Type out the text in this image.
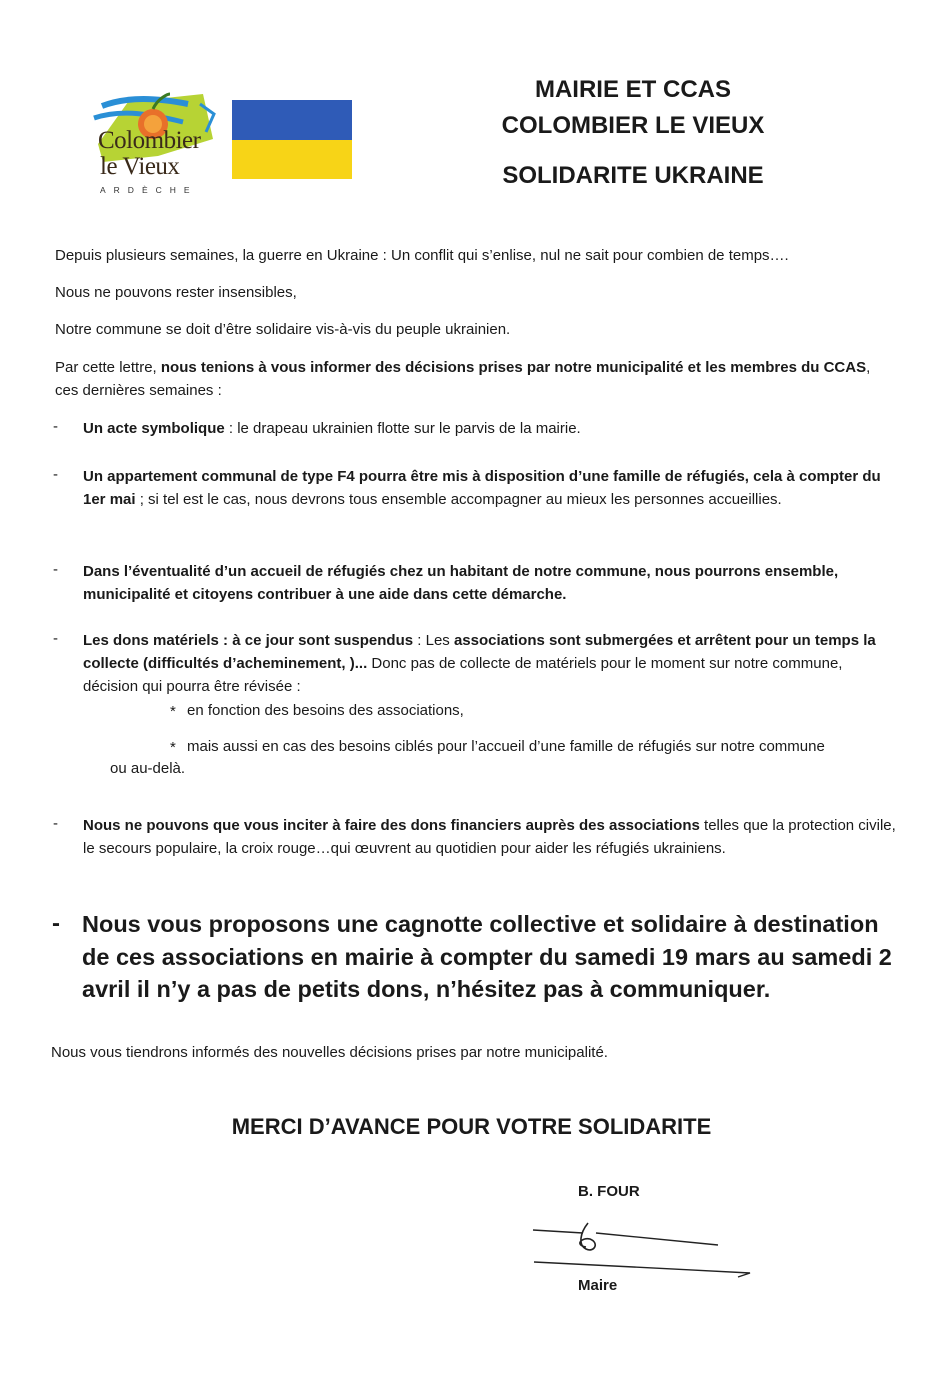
Colombier
le Vieux
ARDÈCHE
MAIRIE ET CCAS
COLOMBIER LE VIEUX
SOLIDARITE UKRAINE
Depuis plusieurs semaines, la guerre en Ukraine : Un conflit qui s’enlise, nul ne sait pour combien de temps….
Nous ne pouvons rester insensibles,
Notre commune se doit d’être solidaire vis-à-vis du peuple ukrainien.
Par cette lettre, nous tenions à vous informer des décisions prises par notre municipalité et les membres du CCAS, ces dernières semaines :
- Un acte symbolique : le drapeau ukrainien flotte sur le parvis de la mairie.
- Un appartement communal de type F4 pourra être mis à disposition d’une famille de réfugiés, cela à compter du 1er mai ; si tel est le cas, nous devrons tous ensemble accompagner au mieux les personnes accueillies.
- Dans l’éventualité d’un accueil de réfugiés chez un habitant de notre commune, nous pourrons ensemble, municipalité et citoyens contribuer à une aide dans cette démarche.
- Les dons matériels : à ce jour sont suspendus : Les associations sont submergées et arrêtent pour un temps la collecte (difficultés d’acheminement, )... Donc pas de collecte de matériels pour le moment sur notre commune, décision qui pourra être révisée :
* en fonction des besoins des associations,
* mais aussi en cas des besoins ciblés pour l’accueil d’une famille de réfugiés sur notre commune
ou au-delà.
- Nous ne pouvons que vous inciter à faire des dons financiers auprès des associations telles que la protection civile, le secours populaire, la croix rouge…qui œuvrent au quotidien pour aider les réfugiés ukrainiens.
- Nous vous proposons une cagnotte collective et solidaire à destination de ces associations en mairie à compter du samedi 19 mars au samedi 2 avril il n’y a pas de petits dons, n’hésitez pas à communiquer.
Nous vous tiendrons informés des nouvelles décisions prises par notre municipalité.
MERCI D’AVANCE POUR VOTRE SOLIDARITE
B. FOUR
Maire
